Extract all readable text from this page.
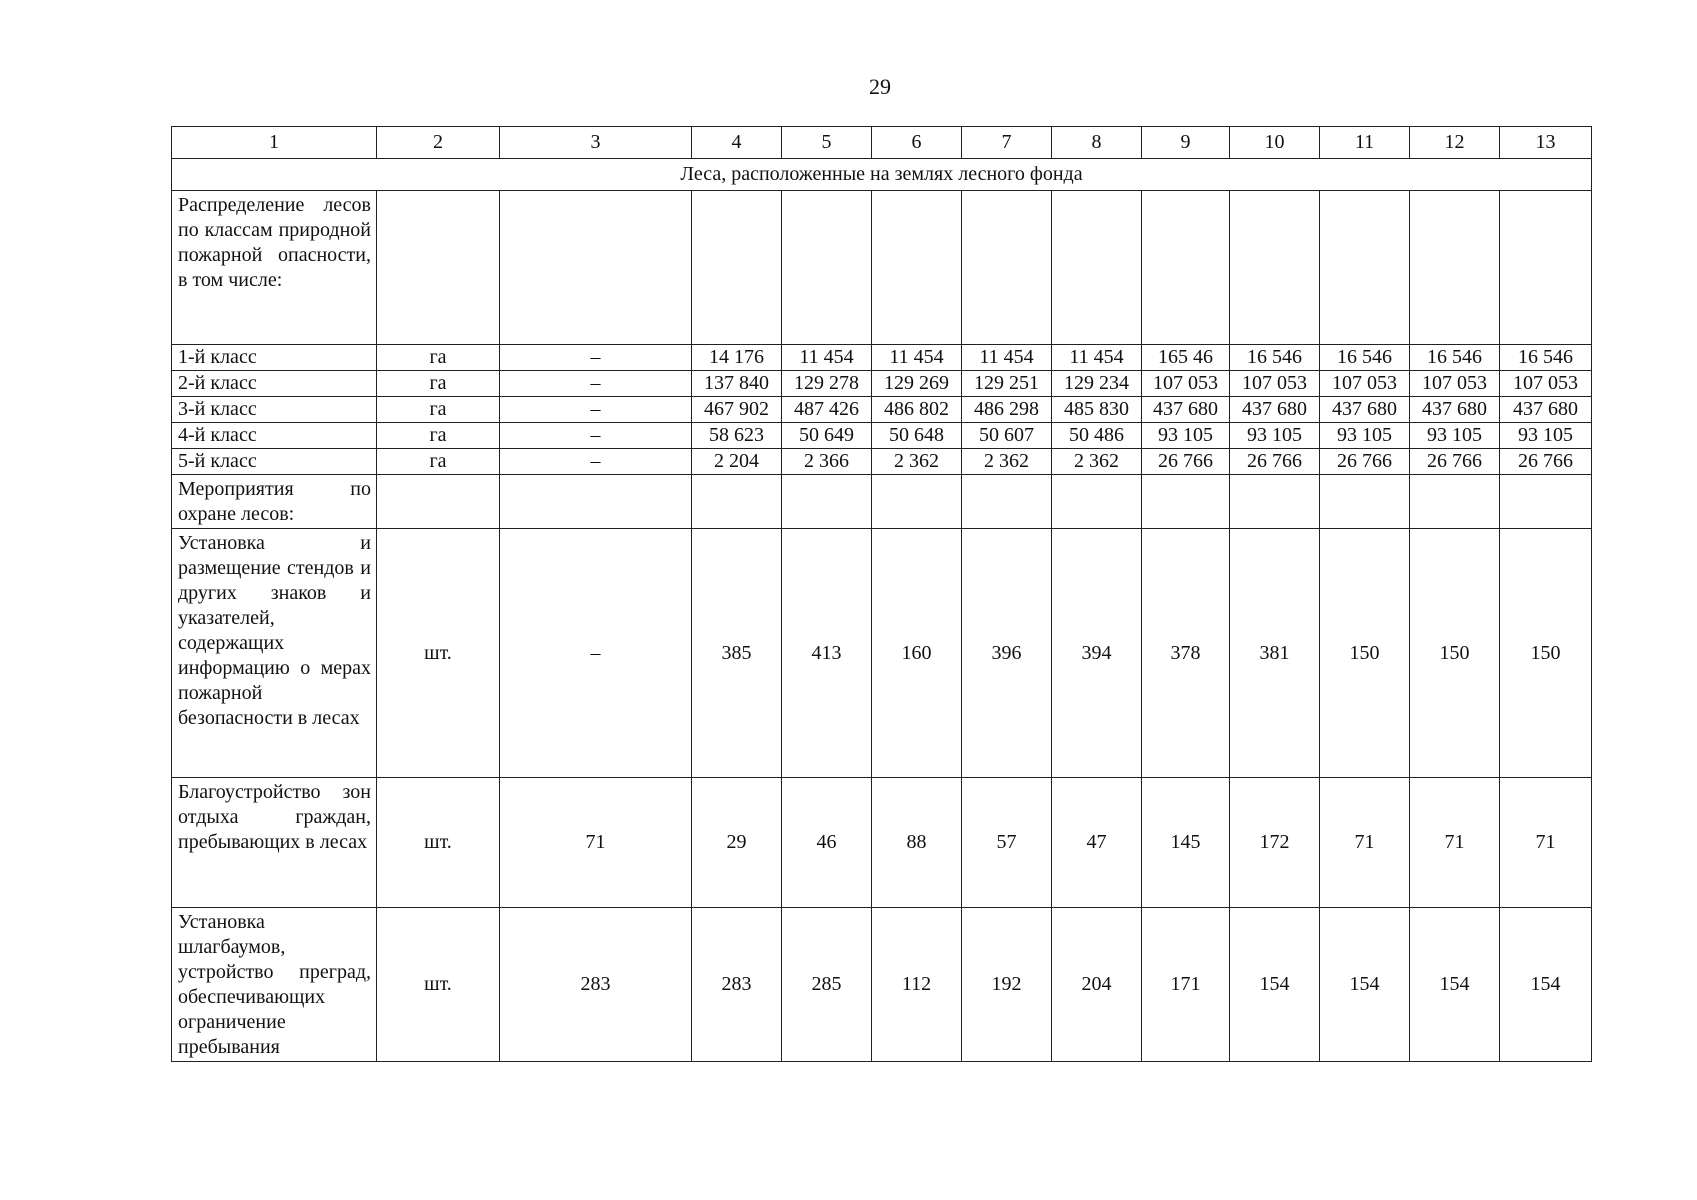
29
1	2	3	4	5	6	7	8	9	10	11	12	13
Леса, расположенные на землях лесного фонда												
Распределение лесов по классам природной пожарной опасности, в том числе:												
1-й класс	га	–	14 176	11 454	11 454	11 454	11 454	165 46	16 546	16 546	16 546	16 546
2-й класс	га	–	137 840	129 278	129 269	129 251	129 234	107 053	107 053	107 053	107 053	107 053
3-й класс	га	–	467 902	487 426	486 802	486 298	485 830	437 680	437 680	437 680	437 680	437 680
4-й класс	га	–	58 623	50 649	50 648	50 607	50 486	93 105	93 105	93 105	93 105	93 105
5-й класс	га	–	2 204	2 366	2 362	2 362	2 362	26 766	26 766	26 766	26 766	26 766
Мероприятия по охране лесов:												
Установка и размещение стендов и других знаков и указателей, содержащих информацию о мерах пожарной безопасности в лесах	шт.	–	385	413	160	396	394	378	381	150	150	150
Благоустройство зон отдыха граждан, пребывающих в лесах	шт.	71	29	46	88	57	47	145	172	71	71	71
Установка шлагбаумов, устройство преград, обеспечивающих ограничение пребывания	шт.	283	283	285	112	192	204	171	154	154	154	154
